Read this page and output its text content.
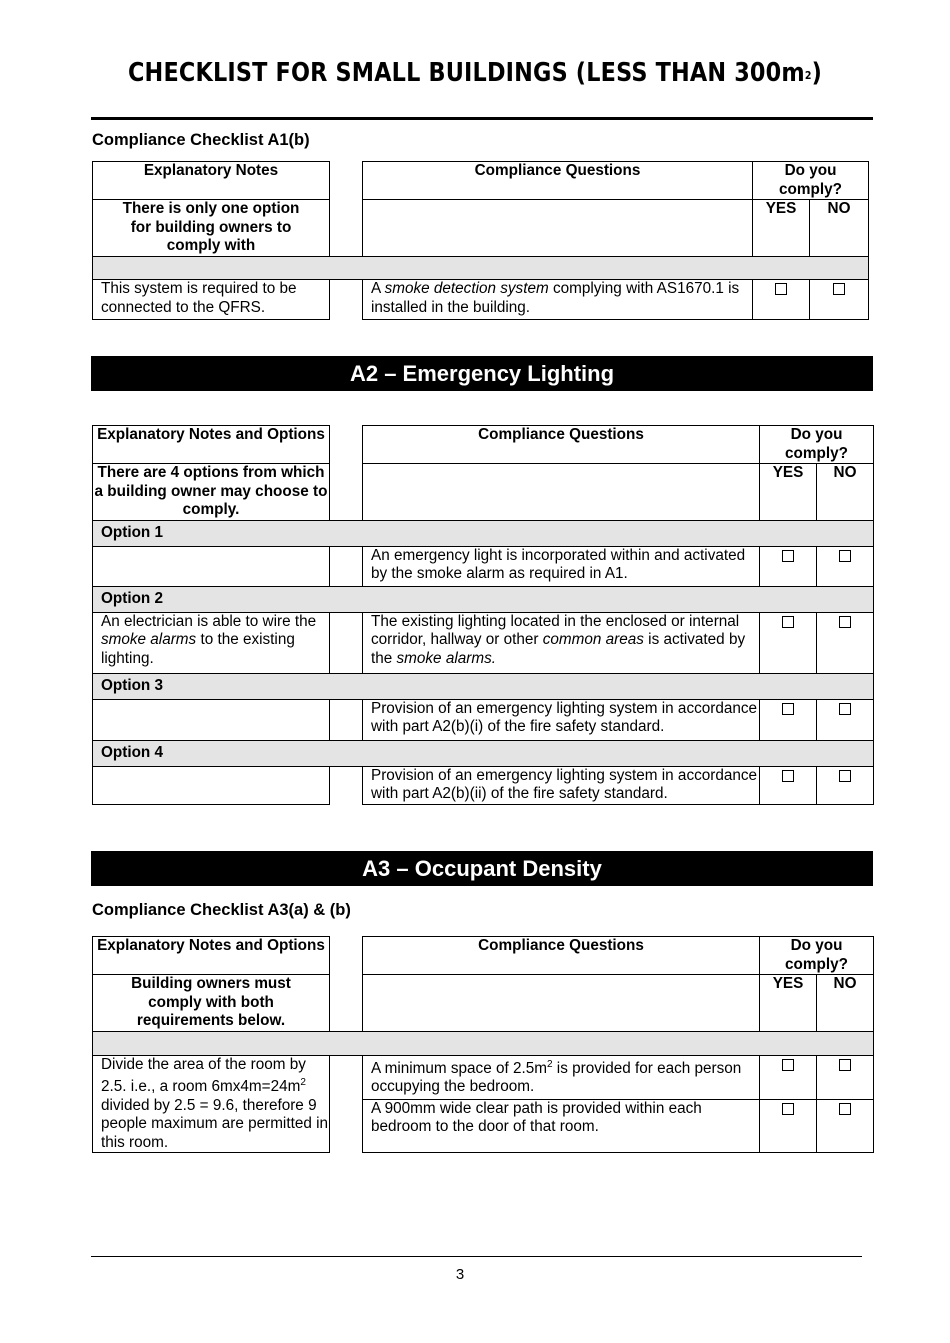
CHECKLIST FOR SMALL BUILDINGS (LESS THAN $300m^2$)
Compliance Checklist A1(b)
Explanatory Notes		Compliance Questions	Do you comply?	
There is only one option for building owners to comply with			YES	NO

This system is required to be connected to the QFRS.		A smoke detection system complying with AS1670.1 is installed in the building.		
A2 – Emergency Lighting
Explanatory Notes and Options		Compliance Questions	Do you comply?	
There are 4 options from which a building owner may choose to comply.			YES	NO
Option 1				
		An emergency light is incorporated within and activated by the smoke alarm as required in A1.		
Option 2				
An electrician is able to wire the smoke alarms to the existing lighting.		The existing lighting located in the enclosed or internal corridor, hallway or other common areas is activated by the smoke alarms.		
Option 3				
		Provision of an emergency lighting system in accordance with part A2(b)(i) of the fire safety standard.		
Option 4				
		Provision of an emergency lighting system in accordance with part A2(b)(ii) of the fire safety standard.		
A3 – Occupant Density
Compliance Checklist A3(a) & (b)
Explanatory Notes and Options		Compliance Questions	Do you comply?	
Building owners must comply with both requirements below.			YES	NO

Divide the area of the room by 2.5. i.e., a room $6mx4m=24m^2$ divided by 2.5 = 9.6, therefore 9 people maximum are permitted in this room.		A minimum space of $2.5m^2$ is provided for each person occupying the bedroom.		
		A 900mm wide clear path is provided within each bedroom to the door of that room.		
3
